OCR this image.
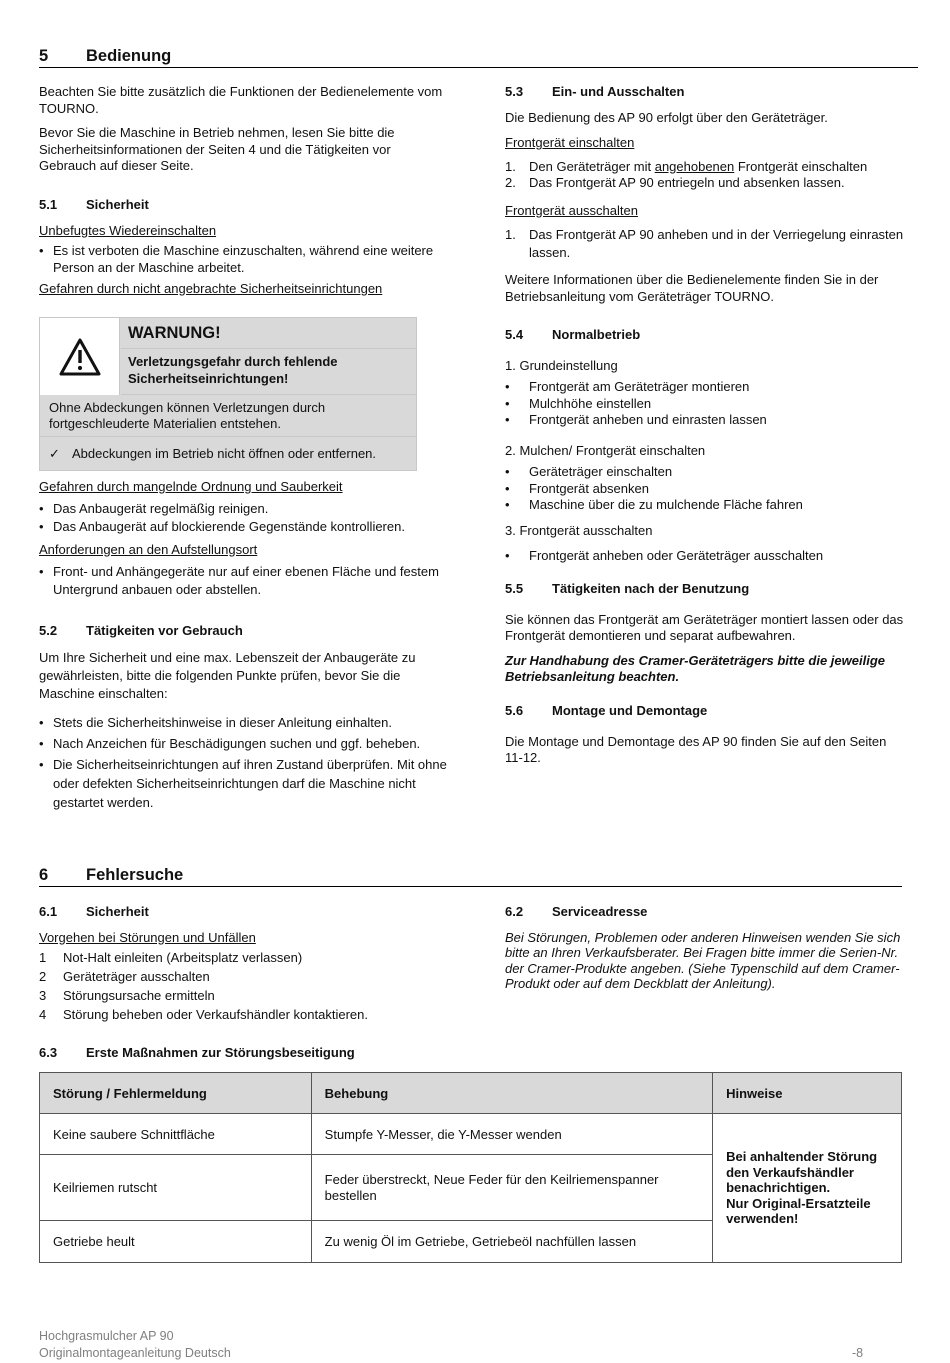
5	Bedienung

Beachten Sie bitte zusätzlich die Funktionen der Bedienelemente vom TOURNO.

Bevor Sie die Maschine in Betrieb nehmen, lesen Sie bitte die Sicherheitsinformationen der Seiten 4 und die Tätigkeiten vor Gebrauch auf dieser Seite.

5.1	Sicherheit
Unbefugtes Wiedereinschalten
• Es ist verboten die Maschine einzuschalten, während eine weitere Person an der Maschine arbeitet.
Gefahren durch nicht angebrachte Sicherheitseinrichtungen
WARNUNG!
Verletzungsgefahr durch fehlende Sicherheitseinrichtungen!
Ohne Abdeckungen können Verletzungen durch fortgeschleuderte Materialien entstehen.
✓ Abdeckungen im Betrieb nicht öffnen oder entfernen.
Gefahren durch mangelnde Ordnung und Sauberkeit
• Das Anbaugerät regelmäßig reinigen.
• Das Anbaugerät auf blockierende Gegenstände kontrollieren.
Anforderungen an den Aufstellungsort
• Front- und Anhängegeräte nur auf einer ebenen Fläche und festem Untergrund anbauen oder abstellen.
5.2	Tätigkeiten vor Gebrauch

Um Ihre Sicherheit und eine max. Lebenszeit der Anbaugeräte zu gewährleisten, bitte die folgenden Punkte prüfen, bevor Sie die Maschine einschalten:

• Stets die Sicherheitshinweise in dieser Anleitung einhalten.
• Nach Anzeichen für Beschädigungen suchen und ggf. beheben.
• Die Sicherheitseinrichtungen auf ihren Zustand überprüfen. Mit ohne oder defekten Sicherheitseinrichtungen darf die Maschine nicht gestartet werden.
5.3	Ein- und Ausschalten

Die Bedienung des AP 90 erfolgt über den Geräteträger.

Frontgerät einschalten
1. Den Geräteträger mit angehobenen Frontgerät einschalten
2. Das Frontgerät AP 90 entriegeln und absenken lassen.
Frontgerät ausschalten
1. Das Frontgerät AP 90 anheben und in der Verriegelung einrasten lassen.

Weitere Informationen über die Bedienelemente finden Sie in der Betriebsanleitung vom Geräteträger TOURNO.

5.4	Normalbetrieb
1. Grundeinstellung
• Frontgerät am Geräteträger montieren
• Mulchhöhe einstellen
• Frontgerät anheben und einrasten lassen
2. Mulchen/ Frontgerät einschalten
• Geräteträger einschalten
• Frontgerät absenken
• Maschine über die zu mulchende Fläche fahren
3. Frontgerät ausschalten
• Frontgerät anheben oder Geräteträger ausschalten
5.5	Tätigkeiten nach der Benutzung

Sie können das Frontgerät am Geräteträger montiert lassen oder das Frontgerät demontieren und separat aufbewahren.

Zur Handhabung des Cramer-Geräteträgers bitte die jeweilige Betriebsanleitung beachten.

5.6	Montage und Demontage

Die Montage und Demontage des AP 90 finden Sie auf den Seiten 11-12.

6	Fehlersuche
6.1	Sicherheit
Vorgehen bei Störungen und Unfällen
1 Not-Halt einleiten (Arbeitsplatz verlassen)
2 Geräteträger ausschalten
3 Störungsursache ermitteln
4 Störung beheben oder Verkaufshändler kontaktieren.
6.2	Serviceadresse

Bei Störungen, Problemen oder anderen Hinweisen wenden Sie sich bitte an Ihren Verkaufsberater. Bei Fragen bitte immer die Serien-Nr. der Cramer-Produkte angeben. (Siehe Typenschild auf dem Cramer-Produkt oder auf dem Deckblatt der Anleitung).

6.3	Erste Maßnahmen zur Störungsbeseitigung
Störung / Fehlermeldung	Behebung	Hinweise
Keine saubere Schnittfläche	Stumpfe Y-Messer, die Y-Messer wenden	Bei anhaltender Störung den Verkaufshändler benachrichtigen.
Nur Original-Ersatzteile verwenden!
Keilriemen rutscht	Feder überstreckt, Neue Feder für den Keilriemenspanner bestellen	
Getriebe heult	Zu wenig Öl im Getriebe, Getriebeöl nachfüllen lassen	
Hochgrasmulcher AP 90
Originalmontageanleitung Deutsch	-8
